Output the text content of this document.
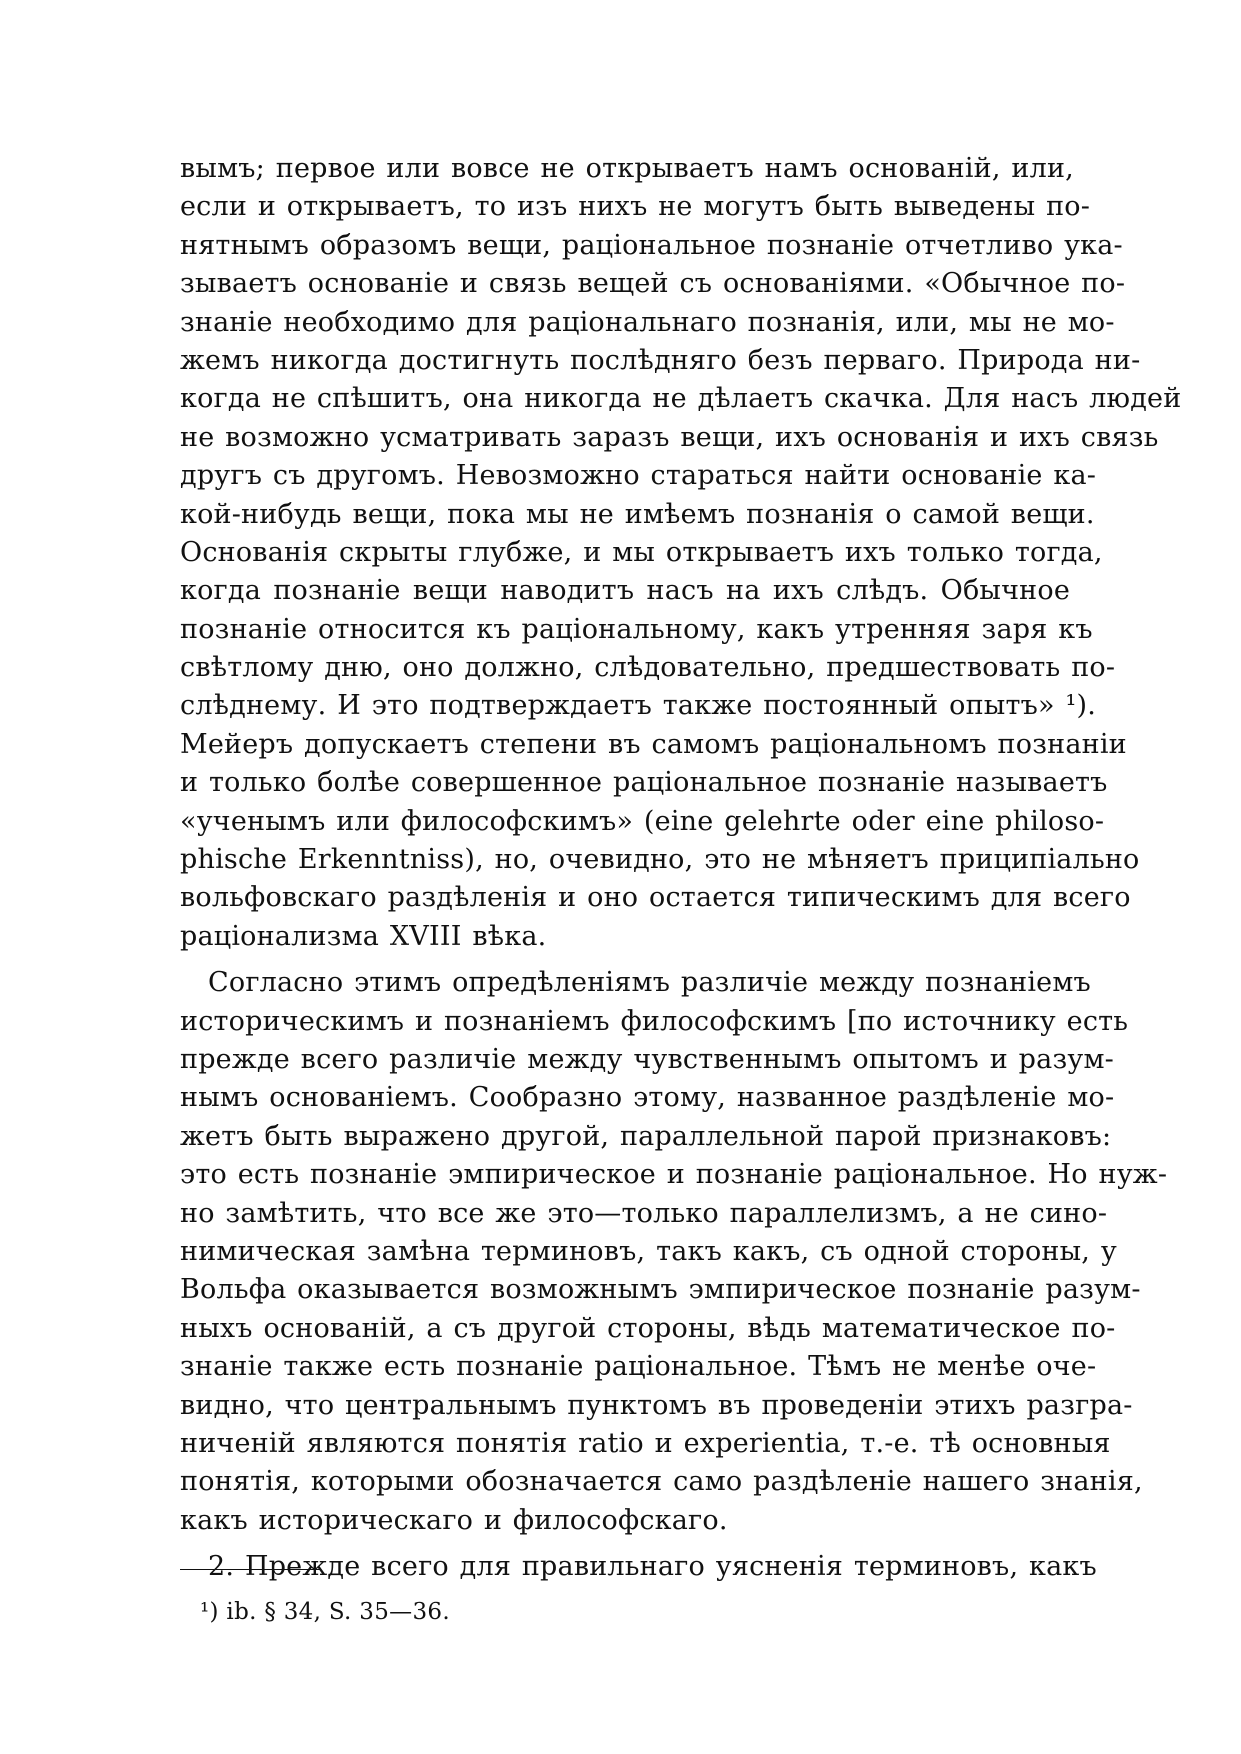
вымъ; первое или вовсе не открываетъ намъ основаній, или,
если и открываетъ, то изъ нихъ не могутъ быть выведены по-
нятнымъ образомъ вещи, раціональное познаніе отчетливо ука-
зываетъ основаніе и связь вещей съ основаніями. «Обычное по-
знаніе необходимо для раціональнаго познанія, или, мы не мо-
жемъ никогда достигнуть послѣдняго безъ перваго. Природа ни-
когда не спѣшитъ, она никогда не дѣлаетъ скачка. Для насъ людей
не возможно усматривать заразъ вещи, ихъ основанія и ихъ связь
другъ съ другомъ. Невозможно стараться найти основаніе ка-
кой-нибудь вещи, пока мы не имѣемъ познанія о самой вещи.
Основанія скрыты глубже, и мы открываетъ ихъ только тогда,
когда познаніе вещи наводитъ насъ на ихъ слѣдъ. Обычное
познаніе относится къ раціональному, какъ утренняя заря къ
свѣтлому дню, оно должно, слѣдовательно, предшествовать по-
слѣднему. И это подтверждаетъ также постоянный опытъ» ¹).
Мейеръ допускаетъ степени въ самомъ раціональномъ познаніи
и только болѣе совершенное раціональное познаніе называетъ
«ученымъ или философскимъ» (eine gelehrte oder eine philoso-
phische Erkenntniss), но, очевидно, это не мѣняетъ приципіально
вольфовскаго раздѣленія и оно остается типическимъ для всего
раціонализма XVIII вѣка.
Согласно этимъ опредѣленіямъ различіе между познаніемъ
историческимъ и познаніемъ философскимъ [по источнику есть
прежде всего различіе между чувственнымъ опытомъ и разум-
нымъ основаніемъ. Сообразно этому, названное раздѣленіе мо-
жетъ быть выражено другой, параллельной парой признаковъ:
это есть познаніе эмпирическое и познаніе раціональное. Но нуж-
но замѣтить, что все же это—только параллелизмъ, а не сино-
нимическая замѣна терминовъ, такъ какъ, съ одной стороны, у
Вольфа оказывается возможнымъ эмпирическое познаніе разум-
ныхъ основаній, а съ другой стороны, вѣдь математическое по-
знаніе также есть познаніе раціональное. Тѣмъ не менѣе оче-
видно, что центральнымъ пунктомъ въ проведеніи этихъ разгра-
ниченій являются понятія ratio и experientia, т.-е. тѣ основныя
понятія, которыми обозначается само раздѣленіе нашего знанія,
какъ историческаго и философскаго.
2. Прежде всего для правильнаго уясненія терминовъ, какъ
¹) ib. § 34, S. 35—36.
